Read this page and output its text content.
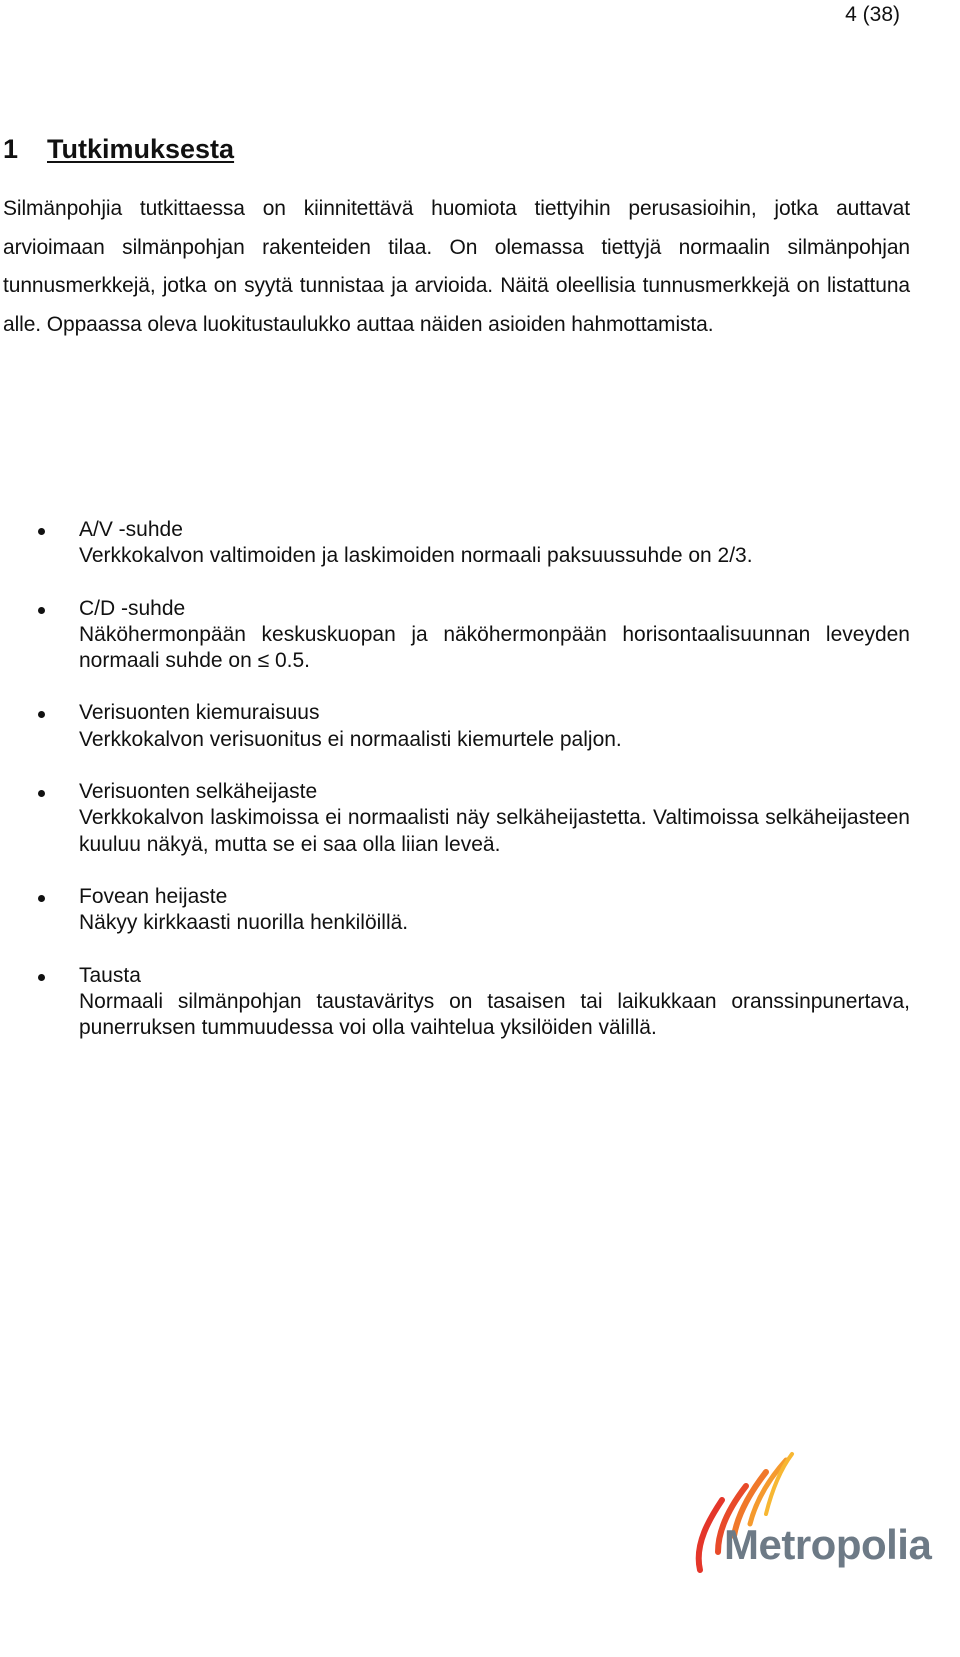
4 (38)
1 Tutkimuksesta

Silmänpohjia tutkittaessa on kiinnitettävä huomiota tiettyihin perusasioihin, jotka auttavat arvioimaan silmänpohjan rakenteiden tilaa. On olemassa tiettyjä normaalin silmänpohjan tunnusmerkkejä, jotka on syytä tunnistaa ja arvioida. Näitä oleellisia tunnusmerkkejä on listattuna alle. Oppaassa oleva luokitustaulukko auttaa näiden asioiden hahmottamista.

A/V -suhde
Verkkokalvon valtimoiden ja laskimoiden normaali paksuussuhde on 2/3.
C/D -suhde
Näköhermonpään keskuskuopan ja näköhermonpään horisontaalisuunnan leveyden normaali suhde on ≤ 0.5.
Verisuonten kiemuraisuus
Verkkokalvon verisuonitus ei normaalisti kiemurtele paljon.
Verisuonten selkäheijaste
Verkkokalvon laskimoissa ei normaalisti näy selkäheijastetta. Valtimoissa selkäheijasteen kuuluu näkyä, mutta se ei saa olla liian leveä.
Fovean heijaste
Näkyy kirkkaasti nuorilla henkilöillä.
Tausta
Normaali silmänpohjan taustaväritys on tasaisen tai laikukkaan oranssinpunertava, punerruksen tummuudessa voi olla vaihtelua yksilöiden välillä.
Metropolia
